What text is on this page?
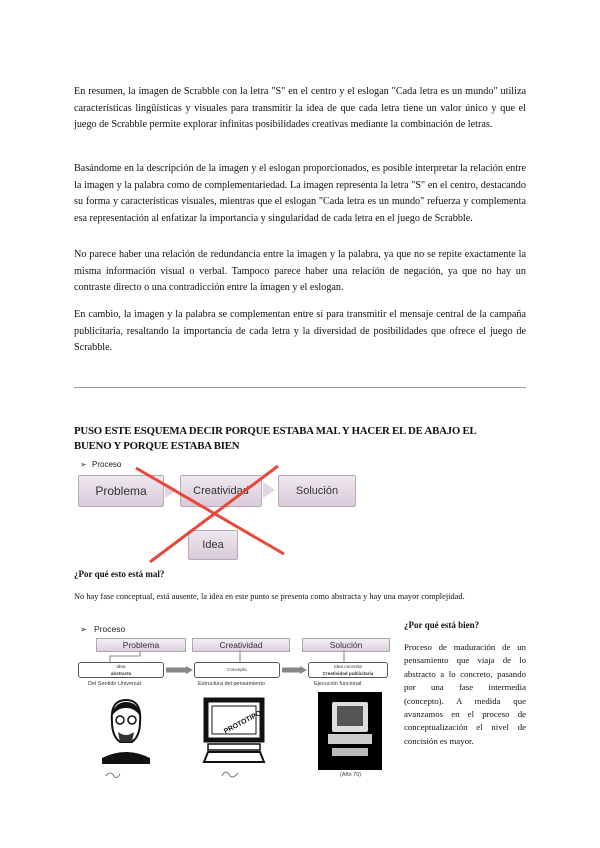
En resumen, la imagen de Scrabble con la letra "S" en el centro y el eslogan "Cada letra es un mundo" utiliza características lingüísticas y visuales para transmitir la idea de que cada letra tiene un valor único y que el juego de Scrabble permite explorar infinitas posibilidades creativas mediante la combinación de letras.

Basándome en la descripción de la imagen y el eslogan proporcionados, es posible interpretar la relación entre la imagen y la palabra como de complementariedad. La imagen representa la letra "S" en el centro, destacando su forma y características visuales, mientras que el eslogan "Cada letra es un mundo" refuerza y complementa esa representación al enfatizar la importancia y singularidad de cada letra en el juego de Scrabble.

No parece haber una relación de redundancia entre la imagen y la palabra, ya que no se repite exactamente la misma información visual o verbal. Tampoco parece haber una relación de negación, ya que no hay un contraste directo o una contradicción entre la imagen y el eslogan.

En cambio, la imagen y la palabra se complementan entre sí para transmitir el mensaje central de la campaña publicitaria, resaltando la importancia de cada letra y la diversidad de posibilidades que ofrece el juego de Scrabble.

PUSO ESTE ESQUEMA DECIR PORQUE ESTABA MAL Y HACER EL DE ABAJO EL BUENO Y PORQUE ESTABA BIEN
➢ Proceso
Problema	Creatividad	Solución
Idea
¿Por qué esto está mal?
No hay fase conceptual, está ausente, la idea en este punto se presenta como abstracta y hay una mayor complejidad.
➢ Proceso
Problema	Creatividad	Solución
Idea
abstracta
Concepto
Idea concreta
Creatividad publicitaria
Del Sentido Universal	Estructura del pensamiento	Ejecución funcional
PROTOTIPO
(Año 70)
¿Por qué está bien?
Proceso de maduración de un pensamiento que viaja de lo abstracto a lo concreto, pasando por una fase intermedia (concepto). A medida que avanzamos en el proceso de conceptualización el nivel de concisión es mayor.
